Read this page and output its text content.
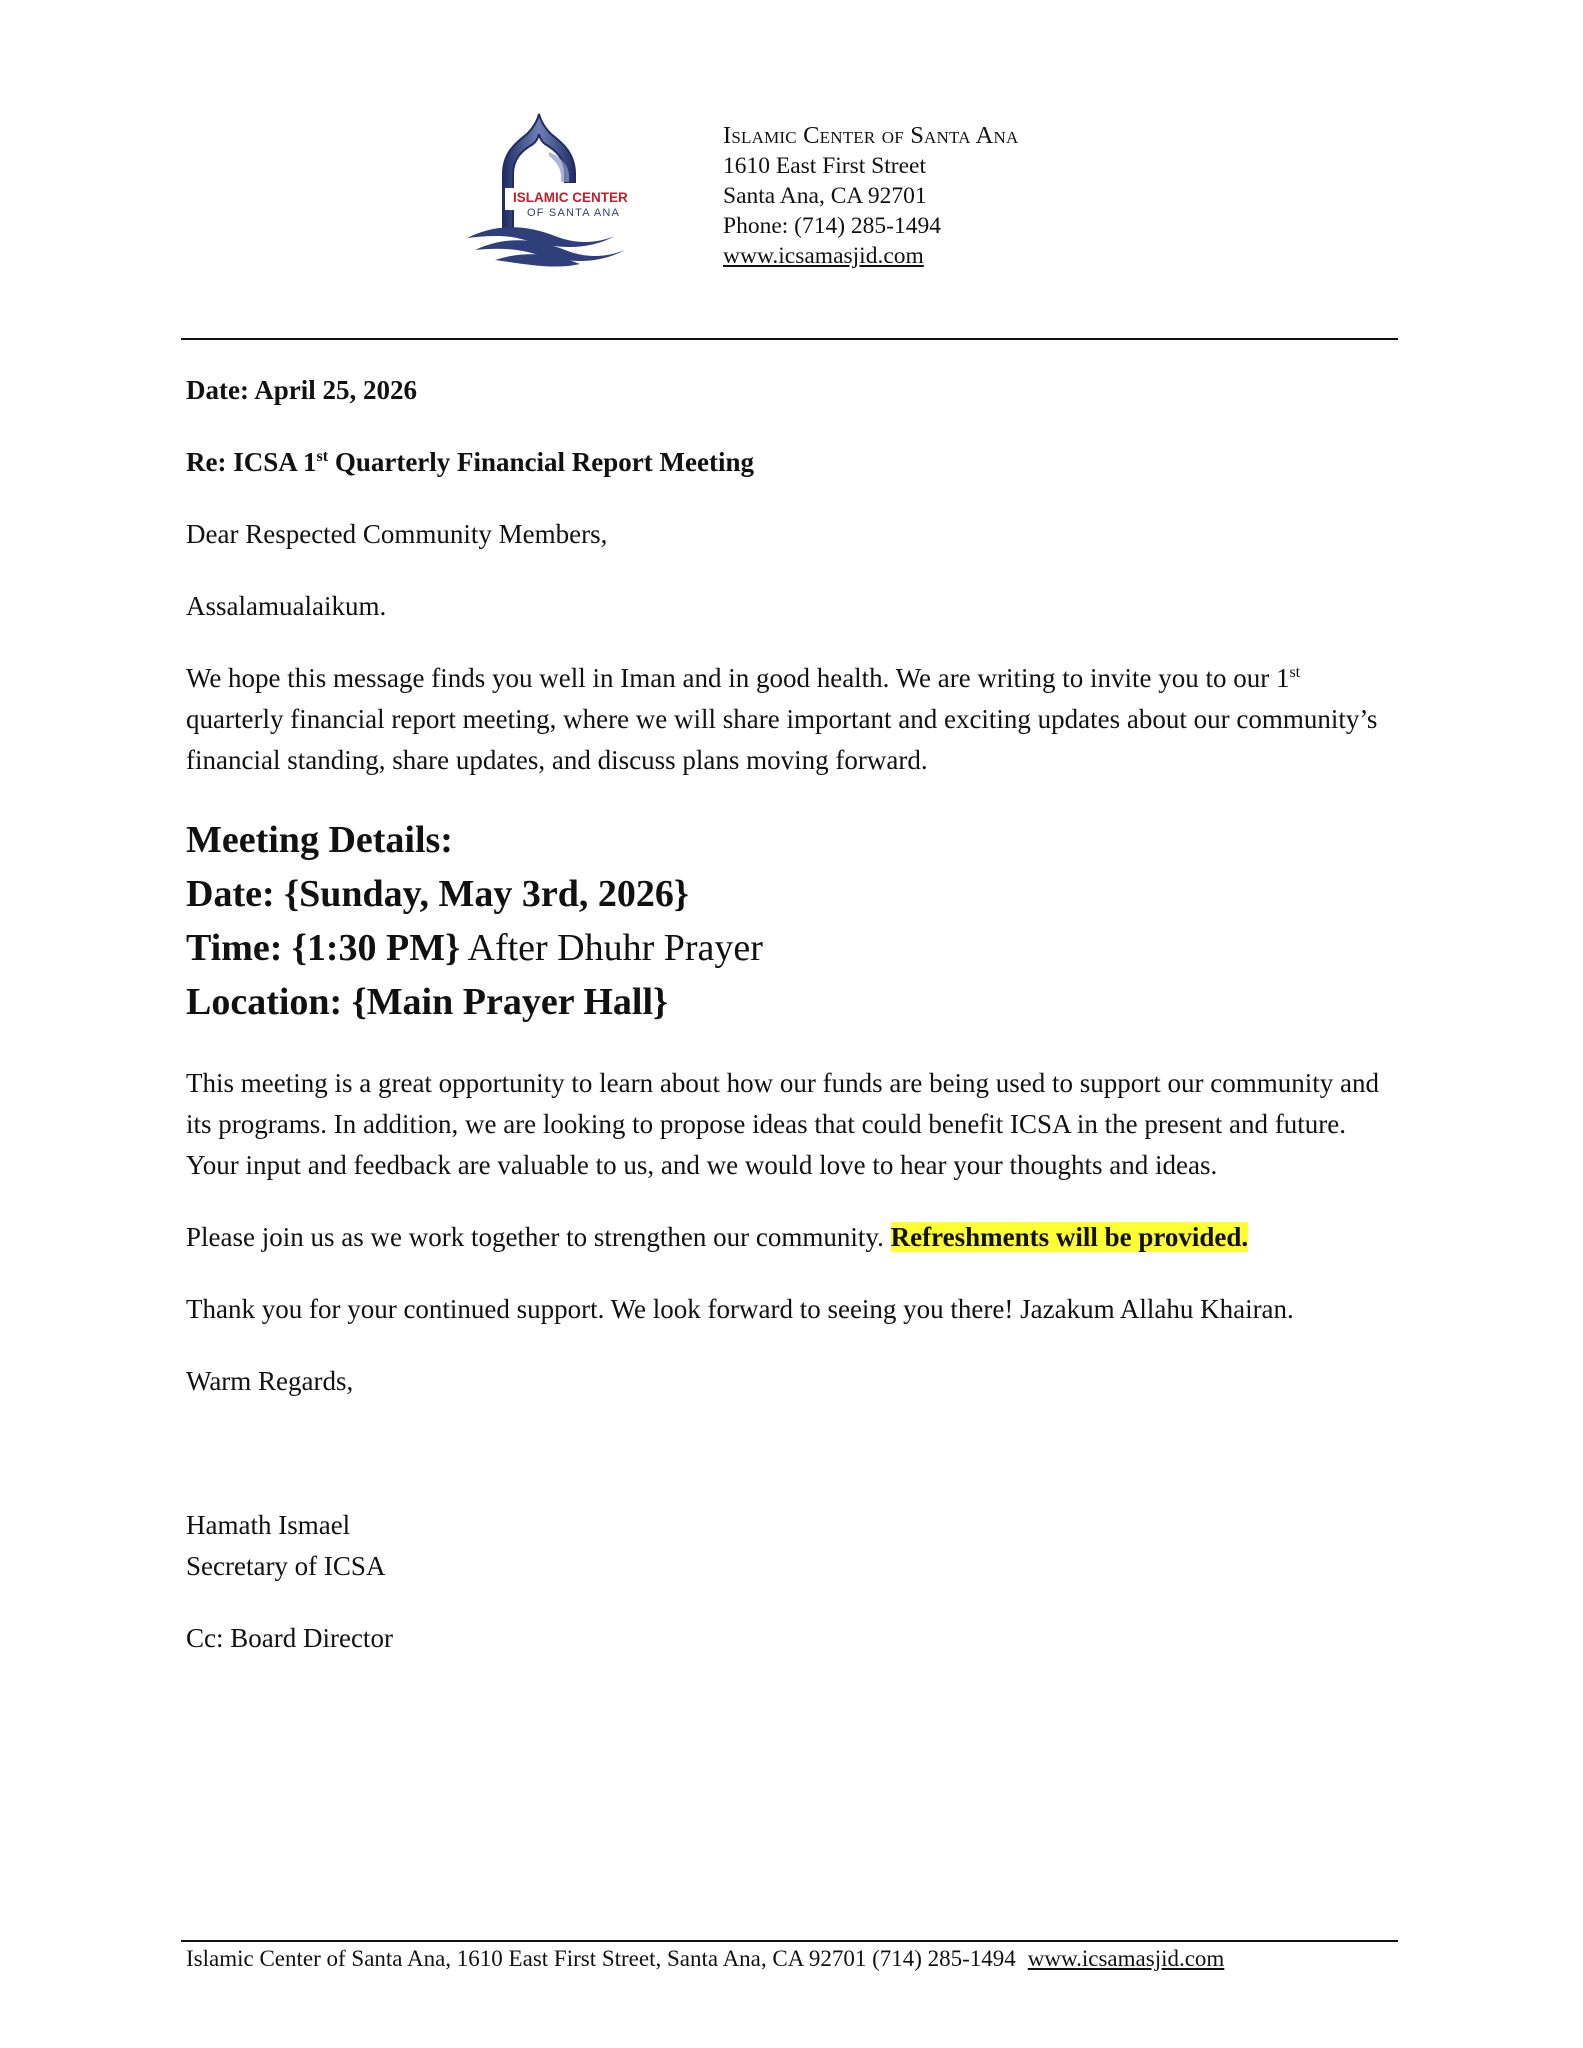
ISLAMIC CENTER
OF SANTA ANA
Islamic Center of Santa Ana
1610 East First Street
Santa Ana, CA 92701
Phone: (714) 285-1494
www.icsamasjid.com

Date: April 25, 2026

Re: ICSA 1st Quarterly Financial Report Meeting

Dear Respected Community Members,

Assalamualaikum.

We hope this message finds you well in Iman and in good health. We are writing to invite you to our 1st quarterly financial report meeting, where we will share important and exciting updates about our community’s financial standing, share updates, and discuss plans moving forward.

Meeting Details:
Date: {Sunday, May 3rd, 2026}
Time: {1:30 PM} After Dhuhr Prayer
Location: {Main Prayer Hall}

This meeting is a great opportunity to learn about how our funds are being used to support our community and its programs. In addition, we are looking to propose ideas that could benefit ICSA in the present and future. Your input and feedback are valuable to us, and we would love to hear your thoughts and ideas.

Please join us as we work together to strengthen our community. Refreshments will be provided.

Thank you for your continued support. We look forward to seeing you there! Jazakum Allahu Khairan.

Warm Regards,

Hamath Ismael

Secretary of ICSA

Cc: Board Director

Islamic Center of Santa Ana, 1610 East First Street, Santa Ana, CA 92701 (714) 285-1494 www.icsamasjid.com
